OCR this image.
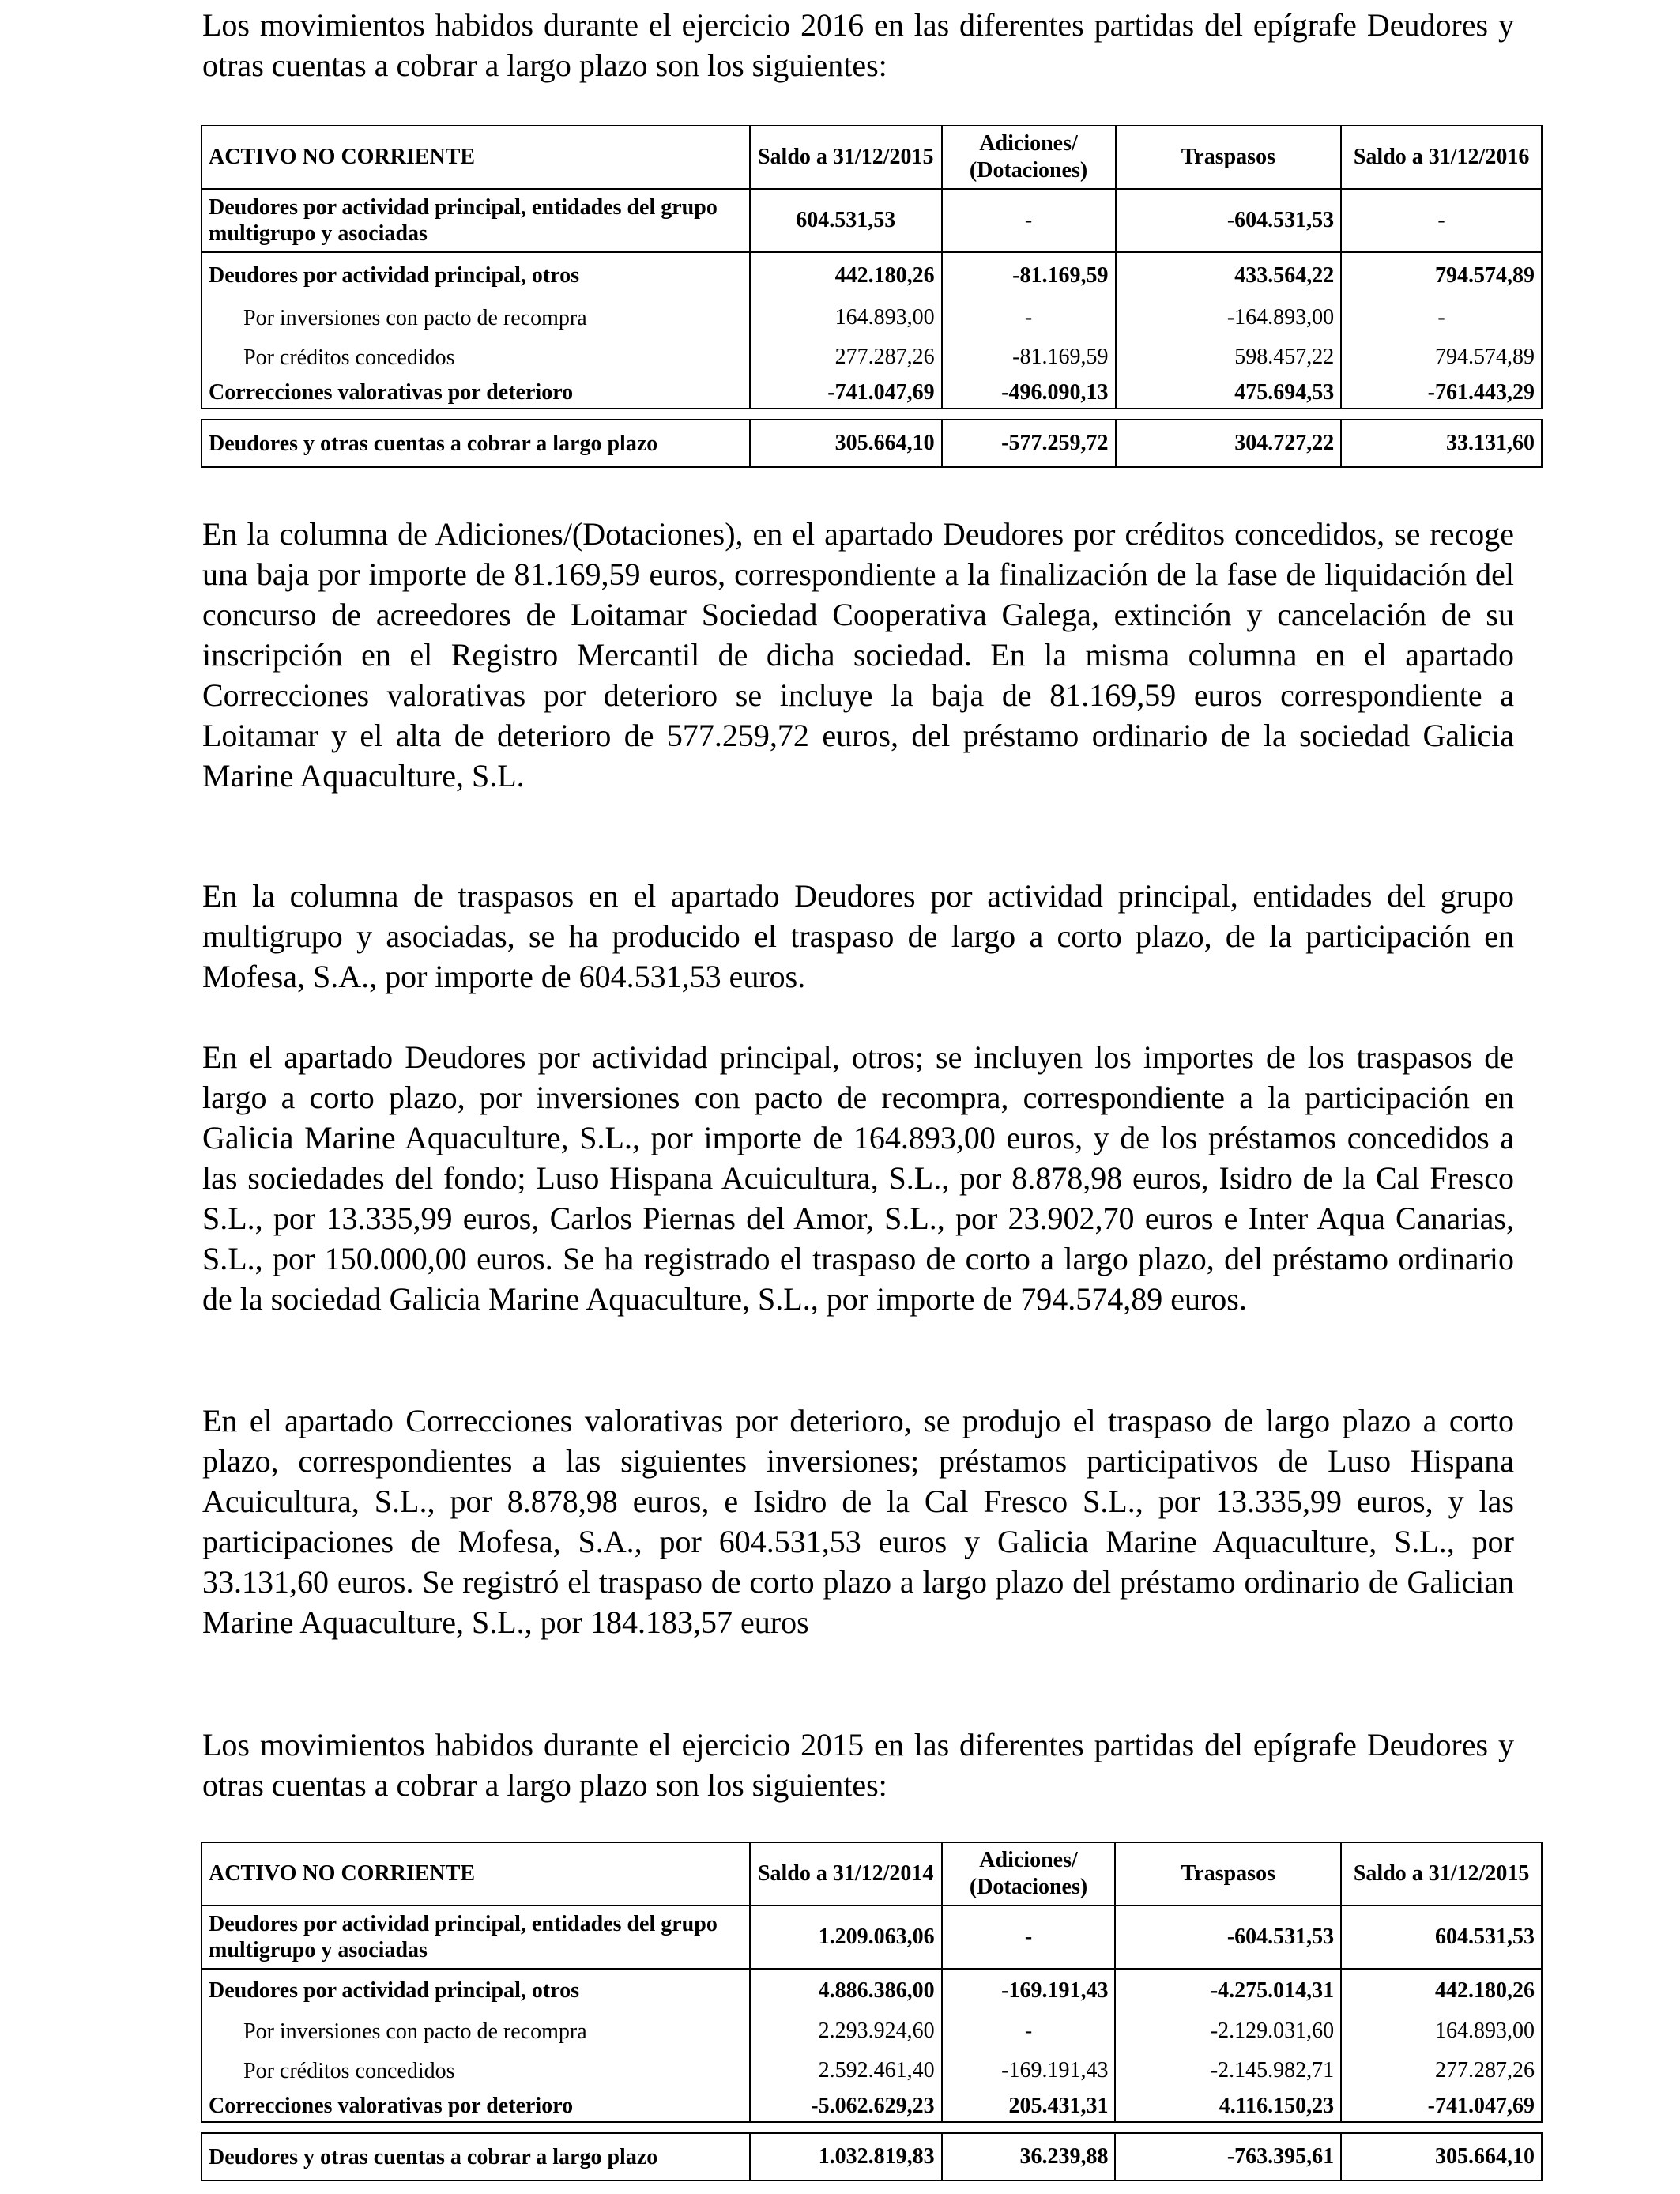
Los movimientos habidos durante el ejercicio 2016 en las diferentes partidas del epígrafe Deudores y otras cuentas a cobrar a largo plazo son los siguientes:

ACTIVO NO CORRIENTE	Saldo a 31/12/2015	Adiciones/ (Dotaciones)	Traspasos	Saldo a 31/12/2016
Deudores por actividad principal, entidades del grupo multigrupo y asociadas	604.531,53	-	-604.531,53	-
Deudores por actividad principal, otros	442.180,26	-81.169,59	433.564,22	794.574,89
Por inversiones con pacto de recompra	164.893,00	-	-164.893,00	-
Por créditos concedidos	277.287,26	-81.169,59	598.457,22	794.574,89
Correcciones valorativas por deterioro	-741.047,69	-496.090,13	475.694,53	-761.443,29

Deudores y otras cuentas a cobrar a largo plazo	305.664,10	-577.259,72	304.727,22	33.131,60

En la columna de Adiciones/(Dotaciones), en el apartado Deudores por créditos concedidos, se recoge una baja por importe de 81.169,59 euros, correspondiente a la finalización de la fase de liquidación del concurso de acreedores de Loitamar Sociedad Cooperativa Galega, extinción y cancelación de su inscripción en el Registro Mercantil de dicha sociedad. En la misma columna en el apartado Correcciones valorativas por deterioro se incluye la baja de 81.169,59 euros correspondiente a Loitamar y el alta de deterioro de 577.259,72 euros, del préstamo ordinario de la sociedad Galicia Marine Aquaculture, S.L.

En la columna de traspasos en el apartado Deudores por actividad principal, entidades del grupo multigrupo y asociadas, se ha producido el traspaso de largo a corto plazo, de la participación en Mofesa, S.A., por importe de 604.531,53 euros.

En el apartado Deudores por actividad principal, otros; se incluyen los importes de los traspasos de largo a corto plazo, por inversiones con pacto de recompra, correspondiente a la participación en Galicia Marine Aquaculture, S.L., por importe de 164.893,00 euros, y de los préstamos concedidos a las sociedades del fondo; Luso Hispana Acuicultura, S.L., por 8.878,98 euros, Isidro de la Cal Fresco S.L., por 13.335,99 euros, Carlos Piernas del Amor, S.L., por 23.902,70 euros e Inter Aqua Canarias, S.L., por 150.000,00 euros. Se ha registrado el traspaso de corto a largo plazo, del préstamo ordinario de la sociedad Galicia Marine Aquaculture, S.L., por importe de 794.574,89 euros.

En el apartado Correcciones valorativas por deterioro, se produjo el traspaso de largo plazo a corto plazo, correspondientes a las siguientes inversiones; préstamos participativos de Luso Hispana Acuicultura, S.L., por 8.878,98 euros, e Isidro de la Cal Fresco S.L., por 13.335,99 euros, y las participaciones de Mofesa, S.A., por 604.531,53 euros y Galicia Marine Aquaculture, S.L., por 33.131,60 euros. Se registró el traspaso de corto plazo a largo plazo del préstamo ordinario de Galician Marine Aquaculture, S.L., por 184.183,57 euros

Los movimientos habidos durante el ejercicio 2015 en las diferentes partidas del epígrafe Deudores y otras cuentas a cobrar a largo plazo son los siguientes:

ACTIVO NO CORRIENTE	Saldo a 31/12/2014	Adiciones/ (Dotaciones)	Traspasos	Saldo a 31/12/2015
Deudores por actividad principal, entidades del grupo multigrupo y asociadas	1.209.063,06	-	-604.531,53	604.531,53
Deudores por actividad principal, otros	4.886.386,00	-169.191,43	-4.275.014,31	442.180,26
Por inversiones con pacto de recompra	2.293.924,60	-	-2.129.031,60	164.893,00
Por créditos concedidos	2.592.461,40	-169.191,43	-2.145.982,71	277.287,26
Correcciones valorativas por deterioro	-5.062.629,23	205.431,31	4.116.150,23	-741.047,69

Deudores y otras cuentas a cobrar a largo plazo	1.032.819,83	36.239,88	-763.395,61	305.664,10
